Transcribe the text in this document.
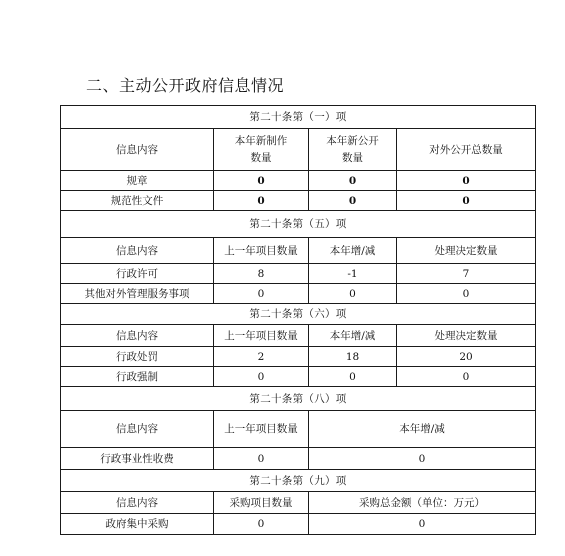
二、主动公开政府信息情况
第二十条第（一）项			
信息内容	本年新制作数量	本年新公开数量	对外公开总数量
规章	0	0	0
规范性文件	0	0	0
第二十条第（五）项			
信息内容	上一年项目数量	本年增/减	处理决定数量
行政许可	8	-1	7
其他对外管理服务事项	0	0	0
第二十条第（六）项			
信息内容	上一年项目数量	本年增/减	处理决定数量
行政处罚	2	18	20
行政强制	0	0	0
第二十条第（八）项			
信息内容	上一年项目数量	本年增/减	
行政事业性收费	0	0	
第二十条第（九）项			
信息内容	采购项目数量	采购总金额（单位：万元）	
政府集中采购	0	0	
